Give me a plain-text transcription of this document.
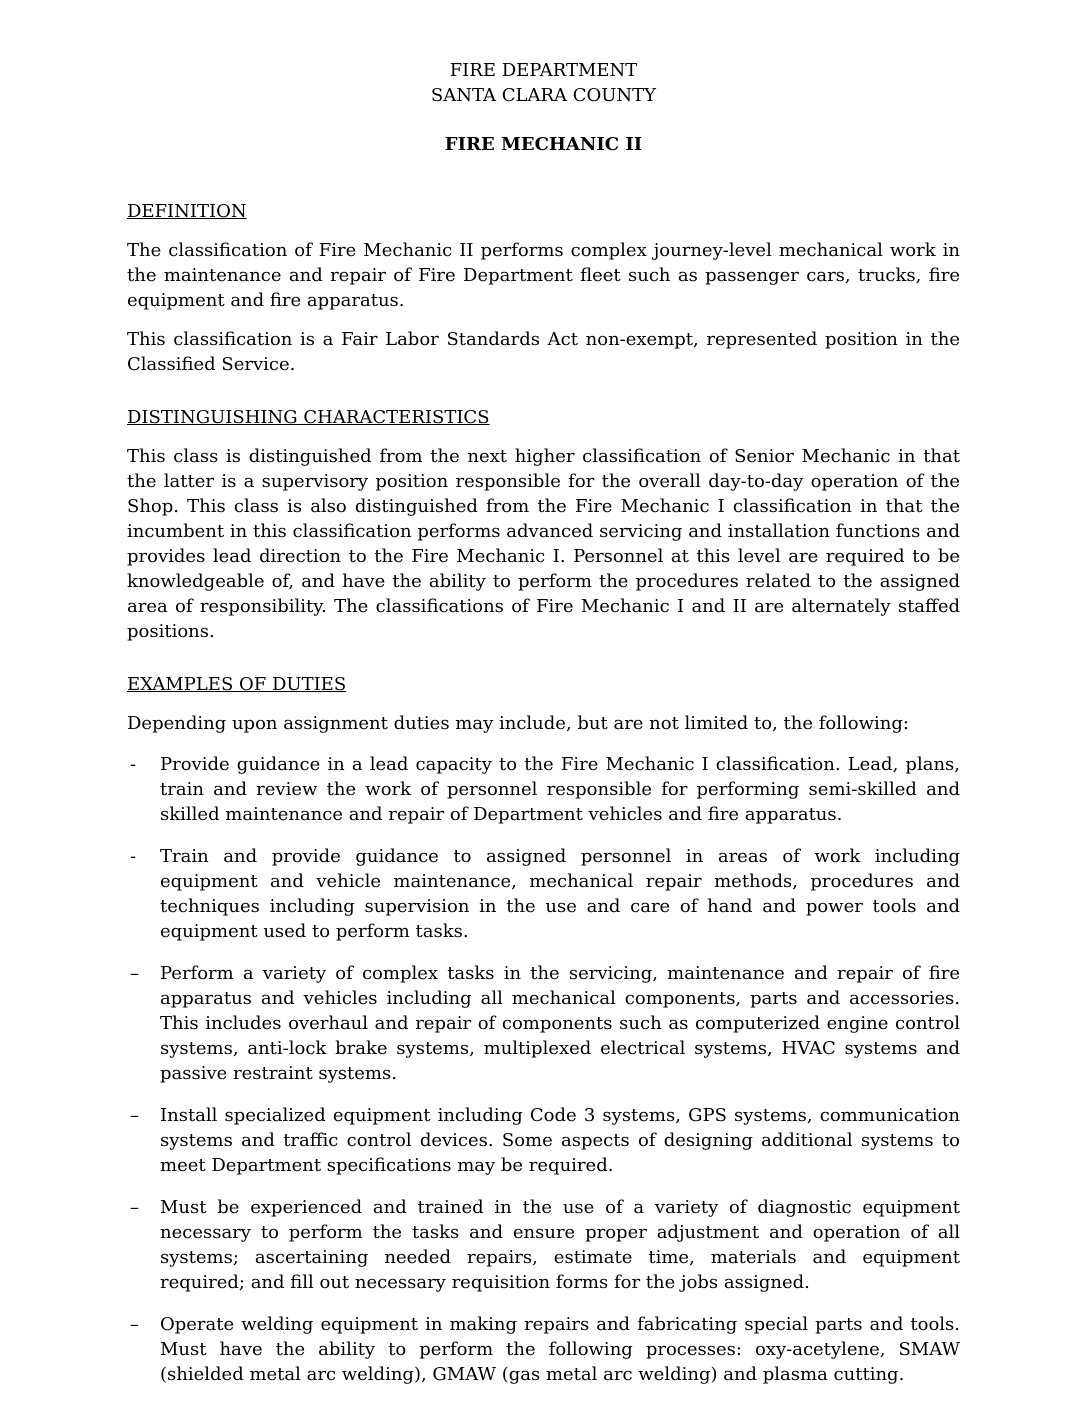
FIRE DEPARTMENT
SANTA CLARA COUNTY
FIRE MECHANIC II
DEFINITION

The classification of Fire Mechanic II performs complex journey-level mechanical work in the maintenance and repair of Fire Department fleet such as passenger cars, trucks, fire equipment and fire apparatus.

This classification is a Fair Labor Standards Act non-exempt, represented position in the Classified Service.

DISTINGUISHING CHARACTERISTICS

This class is distinguished from the next higher classification of Senior Mechanic in that the latter is a supervisory position responsible for the overall day-to-day operation of the Shop. This class is also distinguished from the Fire Mechanic I classification in that the incumbent in this classification performs advanced servicing and installation functions and provides lead direction to the Fire Mechanic I. Personnel at this level are required to be knowledgeable of, and have the ability to perform the procedures related to the assigned area of responsibility. The classifications of Fire Mechanic I and II are alternately staffed positions.

EXAMPLES OF DUTIES

Depending upon assignment duties may include, but are not limited to, the following:

- Provide guidance in a lead capacity to the Fire Mechanic I classification. Lead, plans, train and review the work of personnel responsible for performing semi-skilled and skilled maintenance and repair of Department vehicles and fire apparatus.
- Train and provide guidance to assigned personnel in areas of work including equipment and vehicle maintenance, mechanical repair methods, procedures and techniques including supervision in the use and care of hand and power tools and equipment used to perform tasks.
– Perform a variety of complex tasks in the servicing, maintenance and repair of fire apparatus and vehicles including all mechanical components, parts and accessories. This includes overhaul and repair of components such as computerized engine control systems, anti-lock brake systems, multiplexed electrical systems, HVAC systems and passive restraint systems.
– Install specialized equipment including Code 3 systems, GPS systems, communication systems and traffic control devices. Some aspects of designing additional systems to meet Department specifications may be required.
– Must be experienced and trained in the use of a variety of diagnostic equipment necessary to perform the tasks and ensure proper adjustment and operation of all systems; ascertaining needed repairs, estimate time, materials and equipment required; and fill out necessary requisition forms for the jobs assigned.
– Operate welding equipment in making repairs and fabricating special parts and tools. Must have the ability to perform the following processes: oxy-acetylene, SMAW (shielded metal arc welding), GMAW (gas metal arc welding) and plasma cutting.
